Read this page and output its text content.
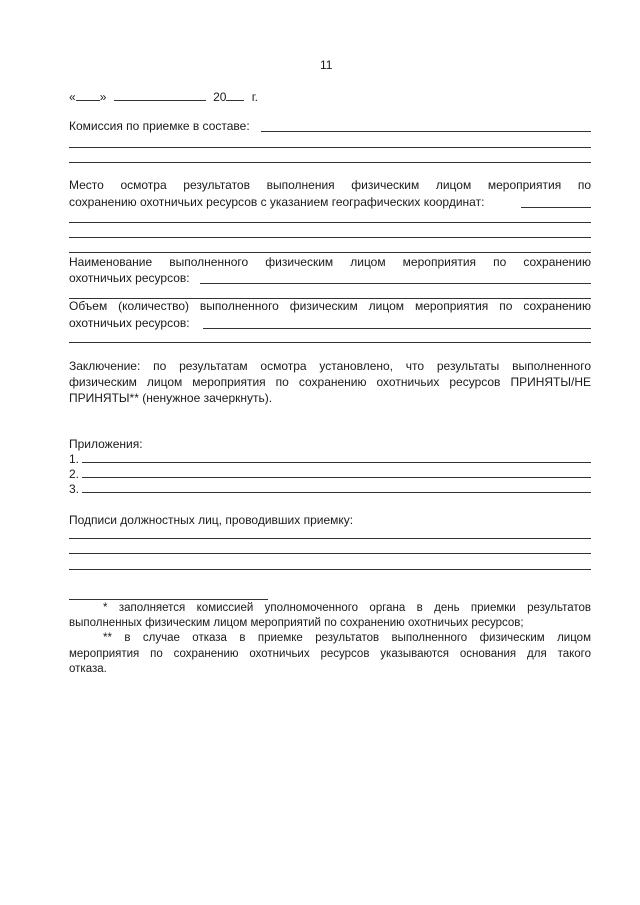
11
« »	20 г.
Комиссия по приемке в составе:
Место осмотра результатов выполнения физическим лицом мероприятия по
сохранению охотничьих ресурсов с указанием географических координат:
Наименование выполненного физическим лицом мероприятия по сохранению
охотничьих ресурсов:
Объем (количество) выполненного физическим лицом мероприятия по сохранению
охотничьих ресурсов:
Заключение: по результатам осмотра установлено, что результаты выполненного
физическим лицом мероприятия по сохранению охотничьих ресурсов ПРИНЯТЫ/НЕ
ПРИНЯТЫ** (ненужное зачеркнуть).
Приложения:
1.
2.
3.
Подписи должностных лиц, проводивших приемку:
* заполняется комиссией уполномоченного органа в день приемки результатов
выполненных физическим лицом мероприятий по сохранению охотничьих ресурсов;
** в случае отказа в приемке результатов выполненного физическим лицом
мероприятия по сохранению охотничьих ресурсов указываются основания для такого
отказа.
